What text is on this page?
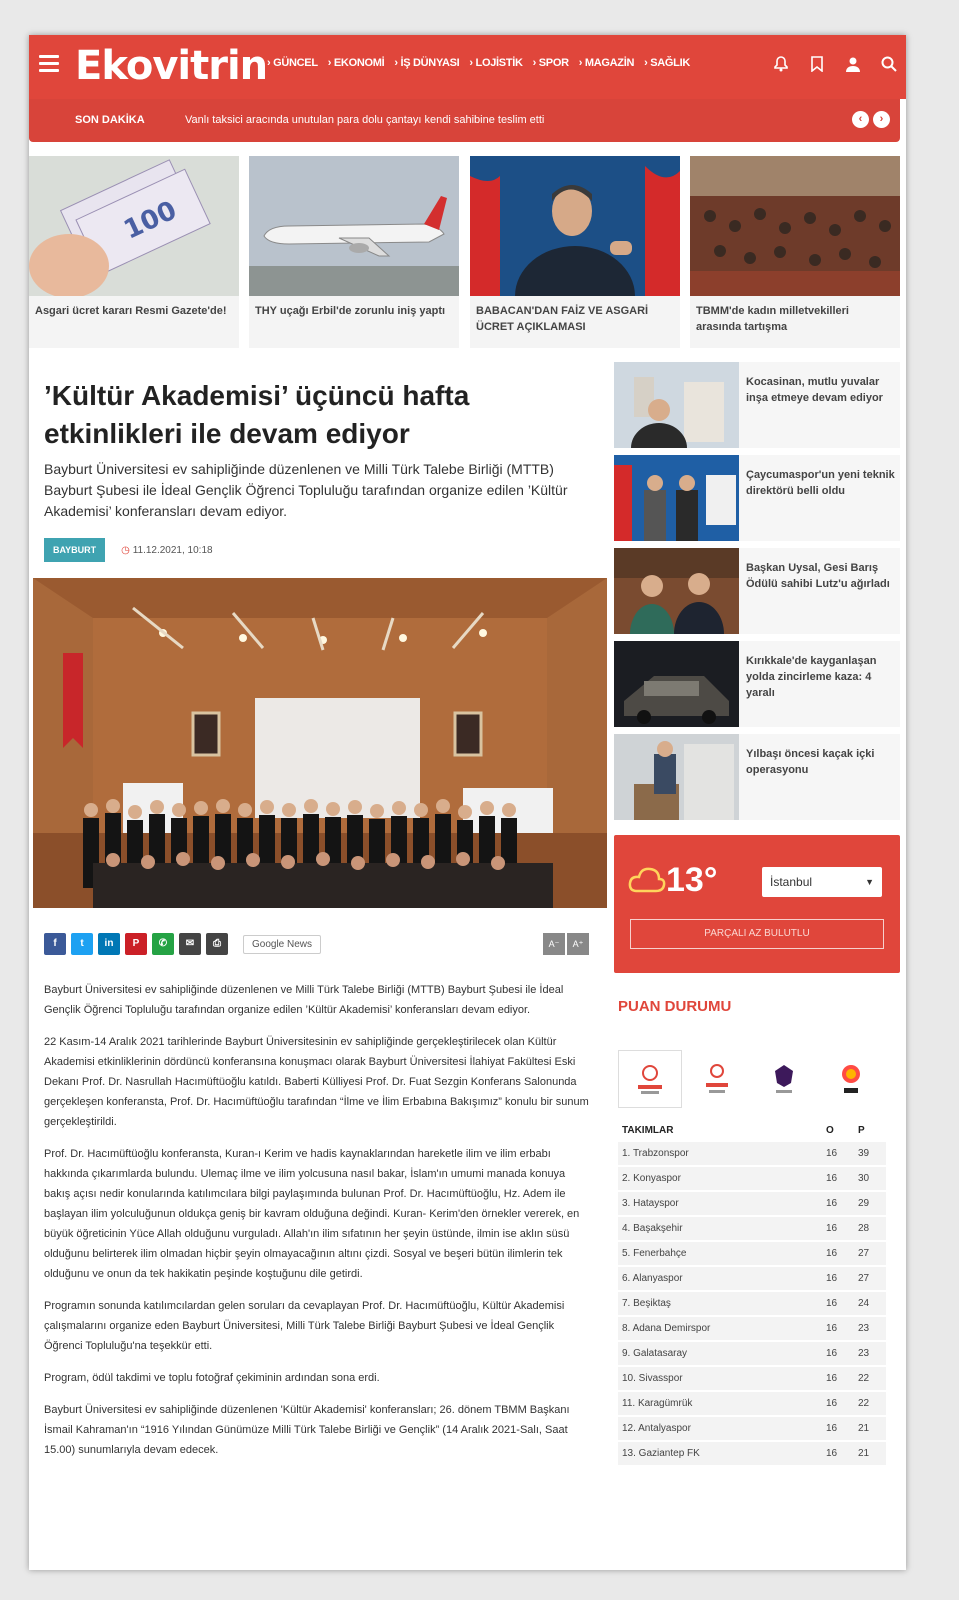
Ekovitrin › GÜNCEL › EKONOMİ › İŞ DÜNYASI › LOJİSTİK › SPOR › MAGAZİN › SAĞLIK
SON DAKİKA	Vanlı taksici aracında unutulan para dolu çantayı kendi sahibine teslim etti	‹	›
100
Asgari ücret kararı Resmi Gazete'de!	THY uçağı Erbil'de zorunlu iniş yaptı	BABACAN'DAN FAİZ VE ASGARİ ÜCRET AÇIKLAMASI
TBMM'de kadın milletvekilleri arasında tartışma
’Kültür Akademisi’ üçüncü hafta etkinlikleri ile devam ediyor
Bayburt Üniversitesi ev sahipliğinde düzenlenen ve Milli Türk Talebe Birliği (MTTB) Bayburt Şubesi ile İdeal Gençlik Öğrenci Topluluğu tarafından organize edilen ’Kültür Akademisi’ konferansları devam ediyor.
BAYBURT	◷ 11.12.2021, 10:18
f	t	in	P	✆	✉	⎙	Google News	A⁻	A⁺

Bayburt Üniversitesi ev sahipliğinde düzenlenen ve Milli Türk Talebe Birliği (MTTB) Bayburt Şubesi ile İdeal Gençlik Öğrenci Topluluğu tarafından organize edilen ’Kültür Akademisi’ konferansları devam ediyor.

22 Kasım-14 Aralık 2021 tarihlerinde Bayburt Üniversitesinin ev sahipliğinde gerçekleştirilecek olan Kültür Akademisi etkinliklerinin dördüncü konferansına konuşmacı olarak Bayburt Üniversitesi İlahiyat Fakültesi Eski Dekanı Prof. Dr. Nasrullah Hacımüftüoğlu katıldı. Baberti Külliyesi Prof. Dr. Fuat Sezgin Konferans Salonunda gerçekleşen konferansta, Prof. Dr. Hacımüftüoğlu tarafından “İlme ve İlim Erbabına Bakışımız” konulu bir sunum gerçekleştirildi.

Prof. Dr. Hacımüftüoğlu konferansta, Kuran-ı Kerim ve hadis kaynaklarından hareketle ilim ve ilim erbabı hakkında çıkarımlarda bulundu. Ulemaç ilme ve ilim yolcusuna nasıl bakar, İslam'ın umumi manada konuya bakış açısı nedir konularında katılımcılara bilgi paylaşımında bulunan Prof. Dr. Hacımüftüoğlu, Hz. Adem ile başlayan ilim yolculuğunun oldukça geniş bir kavram olduğuna değindi. Kuran- Kerim'den örnekler vererek, en büyük öğreticinin Yüce Allah olduğunu vurguladı. Allah'ın ilim sıfatının her şeyin üstünde, ilmin ise aklın süsü olduğunu belirterek ilim olmadan hiçbir şeyin olmayacağının altını çizdi. Sosyal ve beşeri bütün ilimlerin tek olduğunu ve onun da tek hakikatin peşinde koştuğunu dile getirdi.

Programın sonunda katılımcılardan gelen soruları da cevaplayan Prof. Dr. Hacımüftüoğlu, Kültür Akademisi çalışmalarını organize eden Bayburt Üniversitesi, Milli Türk Talebe Birliği Bayburt Şubesi ve İdeal Gençlik Öğrenci Topluluğu'na teşekkür etti.

Program, ödül takdimi ve toplu fotoğraf çekiminin ardından sona erdi.

Bayburt Üniversitesi ev sahipliğinde düzenlenen 'Kültür Akademisi' konferansları; 26. dönem TBMM Başkanı İsmail Kahraman'ın “1916 Yılından Günümüze Milli Türk Talebe Birliği ve Gençlik” (14 Aralık 2021-Salı, Saat 15.00) sunumlarıyla devam edecek.

Kocasinan, mutlu yuvalar inşa etmeye devam ediyor
Çaycumaspor'un yeni teknik direktörü belli oldu
Başkan Uysal, Gesi Barış Ödülü sahibi Lutz'u ağırladı
Kırıkkale'de kayganlaşan yolda zincirleme kaza: 4 yaralı
Yılbaşı öncesi kaçak içki operasyonu
13°	İstanbul	▼
PARÇALI AZ BULUTLU
PUAN DURUMU
TAKIMLAR	O	P
1. Trabzonspor	16	39
2. Konyaspor	16	30
3. Hatayspor	16	29
4. Başakşehir	16	28
5. Fenerbahçe	16	27
6. Alanyaspor	16	27
7. Beşiktaş	16	24
8. Adana Demirspor	16	23
9. Galatasaray	16	23
10. Sivasspor	16	22
11. Karagümrük	16	22
12. Antalyaspor	16	21
13. Gaziantep FK	16	21
